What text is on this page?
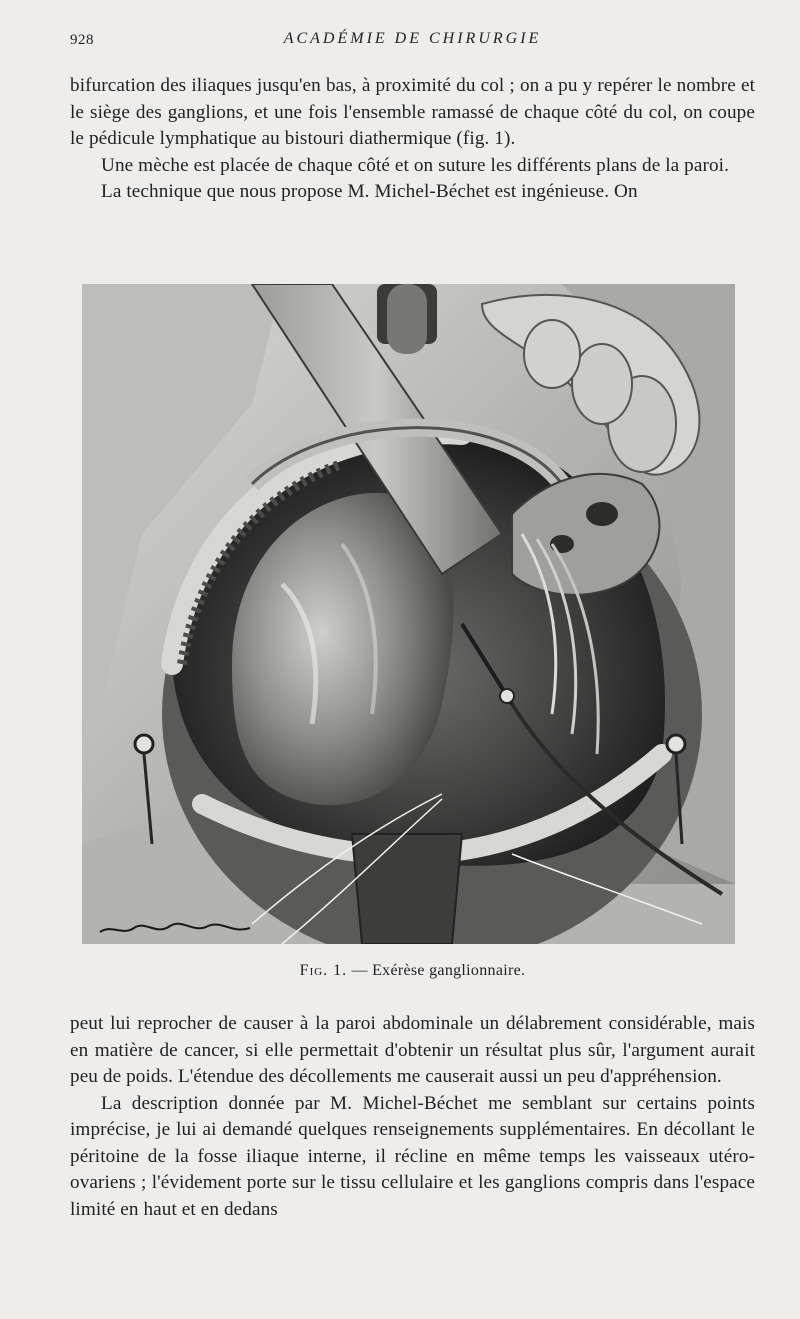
928	ACADÉMIE DE CHIRURGIE

bifurcation des iliaques jusqu'en bas, à proximité du col ; on a pu y repérer le nombre et le siège des ganglions, et une fois l'ensemble ramassé de chaque côté du col, on coupe le pédicule lymphatique au bistouri diathermique (fig. 1).

Une mèche est placée de chaque côté et on suture les différents plans de la paroi.

La technique que nous propose M. Michel-Béchet est ingénieuse. On

Fig. 1. — Exérèse ganglionnaire.

peut lui reprocher de causer à la paroi abdominale un délabrement considérable, mais en matière de cancer, si elle permettait d'obtenir un résultat plus sûr, l'argument aurait peu de poids. L'étendue des décollements me causerait aussi un peu d'appréhension.

La description donnée par M. Michel-Béchet me semblant sur certains points imprécise, je lui ai demandé quelques renseignements supplémentaires. En décollant le péritoine de la fosse iliaque interne, il récline en même temps les vaisseaux utéro-ovariens ; l'évidement porte sur le tissu cellulaire et les ganglions compris dans l'espace limité en haut et en dedans
